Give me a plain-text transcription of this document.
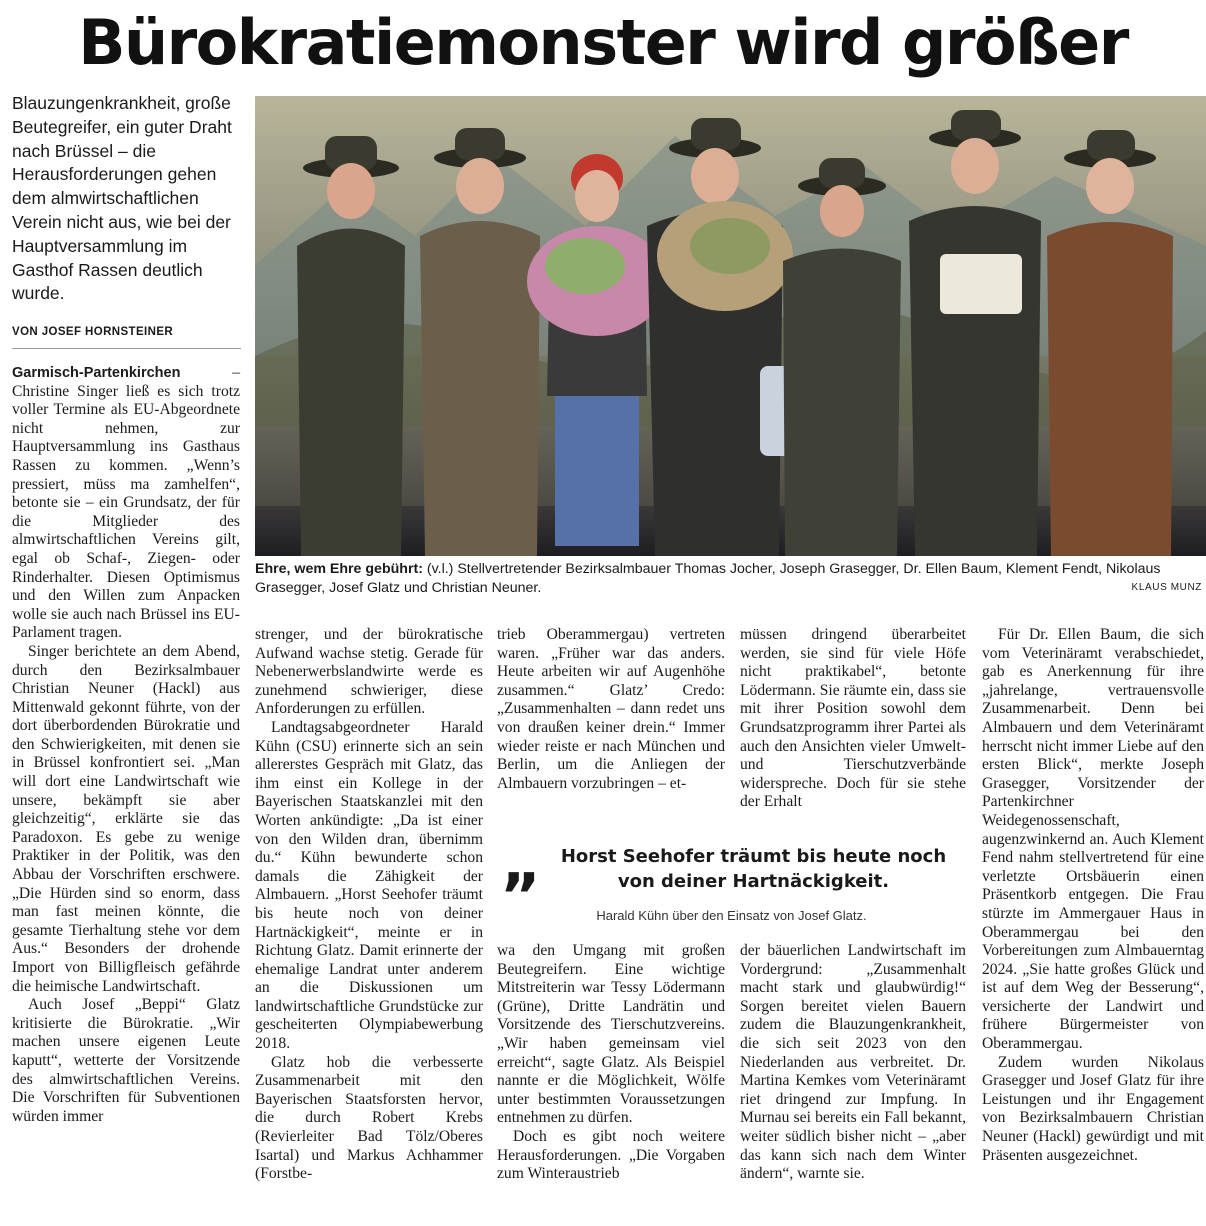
Bürokratiemonster wird größer

Blauzungenkrankheit, große Beutegreifer, ein guter Draht nach Brüssel – die Herausforderungen gehen dem almwirtschaftlichen Verein nicht aus, wie bei der Hauptversammlung im Gasthof Rassen deutlich wurde.

VON JOSEF HORNSTEINER

Ehre, wem Ehre gebührt: (v.l.) Stellvertretender Bezirksalmbauer Thomas Jocher, Joseph Grasegger, Dr. Ellen Baum, Klement Fendt, Nikolaus Grasegger, Josef Glatz und Christian Neuner.	KLAUS MUNZ

Garmisch-Partenkirchen – Christine Singer ließ es sich trotz voller Termine als EU-Abgeordnete nicht nehmen, zur Hauptversammlung ins Gasthaus Rassen zu kommen. „Wenn’s pressiert, müss ma zamhelfen“, betonte sie – ein Grundsatz, der für die Mitglieder des almwirtschaftlichen Vereins gilt, egal ob Schaf-, Ziegen- oder Rinderhalter. Diesen Optimismus und den Willen zum Anpacken wolle sie auch nach Brüssel ins EU-Parlament tragen.

Singer berichtete an dem Abend, durch den Bezirksalmbauer Christian Neuner (Hackl) aus Mittenwald gekonnt führte, von der dort überbordenden Bürokratie und den Schwierigkeiten, mit denen sie in Brüssel konfrontiert sei. „Man will dort eine Landwirtschaft wie unsere, bekämpft sie aber gleichzeitig“, erklärte sie das Paradoxon. Es gebe zu wenige Praktiker in der Politik, was den Abbau der Vorschriften erschwere. „Die Hürden sind so enorm, dass man fast meinen könnte, die gesamte Tierhaltung stehe vor dem Aus.“ Besonders der drohende Import von Billigfleisch gefährde die heimische Landwirtschaft.

Auch Josef „Beppi“ Glatz kritisierte die Bürokratie. „Wir machen unsere eigenen Leute kaputt“, wetterte der Vorsitzende des almwirtschaftlichen Vereins. Die Vorschriften für Subventionen würden immer

strenger, und der bürokratische Aufwand wachse stetig. Gerade für Nebenerwerbslandwirte werde es zunehmend schwieriger, diese Anforderungen zu erfüllen.

Landtagsabgeordneter Harald Kühn (CSU) erinnerte sich an sein allererstes Gespräch mit Glatz, das ihm einst ein Kollege in der Bayerischen Staatskanzlei mit den Worten ankündigte: „Da ist einer von den Wilden dran, übernimm du.“ Kühn bewunderte schon damals die Zähigkeit der Almbauern. „Horst Seehofer träumt bis heute noch von deiner Hartnäckigkeit“, meinte er in Richtung Glatz. Damit erinnerte der ehemalige Landrat unter anderem an die Diskussionen um landwirtschaftliche Grundstücke zur gescheiterten Olympiabewerbung 2018.

Glatz hob die verbesserte Zusammenarbeit mit den Bayerischen Staatsforsten hervor, die durch Robert Krebs (Revierleiter Bad Tölz/Oberes Isartal) und Markus Achhammer (Forstbe-

trieb Oberammergau) vertreten waren. „Früher war das anders. Heute arbeiten wir auf Augenhöhe zusammen.“ Glatz’ Credo: „Zusammenhalten – dann redet uns von draußen keiner drein.“ Immer wieder reiste er nach München und Berlin, um die Anliegen der Almbauern vorzubringen – et-

müssen dringend überarbeitet werden, sie sind für viele Höfe nicht praktikabel“, betonte Lödermann. Sie räumte ein, dass sie mit ihrer Position sowohl dem Grundsatzprogramm ihrer Partei als auch den Ansichten vieler Umwelt- und Tierschutzverbände widerspreche. Doch für sie stehe der Erhalt

„	Horst Seehofer träumt bis heute noch von deiner Hartnäckigkeit.

Harald Kühn über den Einsatz von Josef Glatz.

wa den Umgang mit großen Beutegreifern. Eine wichtige Mitstreiterin war Tessy Lödermann (Grüne), Dritte Landrätin und Vorsitzende des Tierschutzvereins. „Wir haben gemeinsam viel erreicht“, sagte Glatz. Als Beispiel nannte er die Möglichkeit, Wölfe unter bestimmten Voraussetzungen entnehmen zu dürfen.

Doch es gibt noch weitere Herausforderungen. „Die Vorgaben zum Winteraustrieb

der bäuerlichen Landwirtschaft im Vordergrund: „Zusammenhalt macht stark und glaubwürdig!“ Sorgen bereitet vielen Bauern zudem die Blauzungenkrankheit, die sich seit 2023 von den Niederlanden aus verbreitet. Dr. Martina Kemkes vom Veterinäramt riet dringend zur Impfung. In Murnau sei bereits ein Fall bekannt, weiter südlich bisher nicht – „aber das kann sich nach dem Winter ändern“, warnte sie.

Für Dr. Ellen Baum, die sich vom Veterinäramt verabschiedet, gab es Anerkennung für ihre „jahrelange, vertrauensvolle Zusammenarbeit. Denn bei Almbauern und dem Veterinäramt herrscht nicht immer Liebe auf den ersten Blick“, merkte Joseph Grasegger, Vorsitzender der Partenkirchner Weidegenossenschaft, augenzwinkernd an. Auch Klement Fend nahm stellvertretend für eine verletzte Ortsbäuerin einen Präsentkorb entgegen. Die Frau stürzte im Ammergauer Haus in Oberammergau bei den Vorbereitungen zum Almbauerntag 2024. „Sie hatte großes Glück und ist auf dem Weg der Besserung“, versicherte der Landwirt und frühere Bürgermeister von Oberammergau.

Zudem wurden Nikolaus Grasegger und Josef Glatz für ihre Leistungen und ihr Engagement von Bezirksalmbauern Christian Neuner (Hackl) gewürdigt und mit Präsenten ausgezeichnet.
